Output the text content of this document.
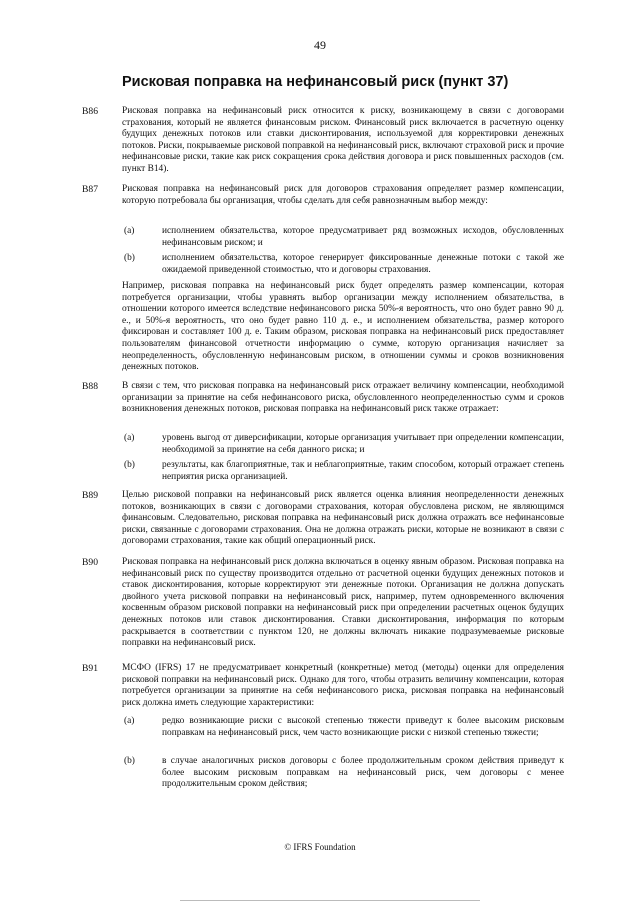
49
Рисковая поправка на нефинансовый риск (пункт 37)
B86	Рисковая поправка на нефинансовый риск относится к риску, возникающему в связи с договорами страхования, который не является финансовым риском. Финансовый риск включается в расчетную оценку будущих денежных потоков или ставки дисконтирования, используемой для корректировки денежных потоков. Риски, покрываемые рисковой поправкой на нефинансовый риск, включают страховой риск и прочие нефинансовые риски, такие как риск сокращения срока действия договора и риск повышенных расходов (см. пункт B14).

B87	Рисковая поправка на нефинансовый риск для договоров страхования определяет размер компенсации, которую потребовала бы организация, чтобы сделать для себя равнозначным выбор между:

(a)	исполнением обязательства, которое предусматривает ряд возможных исходов, обусловленных нефинансовым риском; и

(b)	исполнением обязательства, которое генерирует фиксированные денежные потоки с такой же ожидаемой приведенной стоимостью, что и договоры страхования.

Например, рисковая поправка на нефинансовый риск будет определять размер компенсации, которая потребуется организации, чтобы уравнять выбор организации между исполнением обязательства, в отношении которого имеется вследствие нефинансового риска 50%-я вероятность, что оно будет равно 90 д. е., и 50%-я вероятность, что оно будет равно 110 д. е., и исполнением обязательства, размер которого фиксирован и составляет 100 д. е. Таким образом, рисковая поправка на нефинансовый риск предоставляет пользователям финансовой отчетности информацию о сумме, которую организация начисляет за неопределенность, обусловленную нефинансовым риском, в отношении суммы и сроков возникновения денежных потоков.

B88	В связи с тем, что рисковая поправка на нефинансовый риск отражает величину компенсации, необходимой организации за принятие на себя нефинансового риска, обусловленного неопределенностью сумм и сроков возникновения денежных потоков, рисковая поправка на нефинансовый риск также отражает:

(a)	уровень выгод от диверсификации, которые организация учитывает при определении компенсации, необходимой за принятие на себя данного риска; и

(b)	результаты, как благоприятные, так и неблагоприятные, таким способом, который отражает степень неприятия риска организацией.

B89	Целью рисковой поправки на нефинансовый риск является оценка влияния неопределенности денежных потоков, возникающих в связи с договорами страхования, которая обусловлена риском, не являющимся финансовым. Следовательно, рисковая поправка на нефинансовый риск должна отражать все нефинансовые риски, связанные с договорами страхования. Она не должна отражать риски, которые не возникают в связи с договорами страхования, такие как общий операционный риск.

B90	Рисковая поправка на нефинансовый риск должна включаться в оценку явным образом. Рисковая поправка на нефинансовый риск по существу производится отдельно от расчетной оценки будущих денежных потоков и ставок дисконтирования, которые корректируют эти денежные потоки. Организация не должна допускать двойного учета рисковой поправки на нефинансовый риск, например, путем одновременного включения косвенным образом рисковой поправки на нефинансовый риск при определении расчетных оценок будущих денежных потоков или ставок дисконтирования. Ставки дисконтирования, информация по которым раскрывается в соответствии с пунктом 120, не должны включать никакие подразумеваемые рисковые поправки на нефинансовый риск.

B91	МСФО (IFRS) 17 не предусматривает конкретный (конкретные) метод (методы) оценки для определения рисковой поправки на нефинансовый риск. Однако для того, чтобы отразить величину компенсации, которая потребуется организации за принятие на себя нефинансового риска, рисковая поправка на нефинансовый риск должна иметь следующие характеристики:

(a)	редко возникающие риски с высокой степенью тяжести приведут к более высоким рисковым поправкам на нефинансовый риск, чем часто возникающие риски с низкой степенью тяжести;

(b)	в случае аналогичных рисков договоры с более продолжительным сроком действия приведут к более высоким рисковым поправкам на нефинансовый риск, чем договоры с менее продолжительным сроком действия;

© IFRS Foundation
